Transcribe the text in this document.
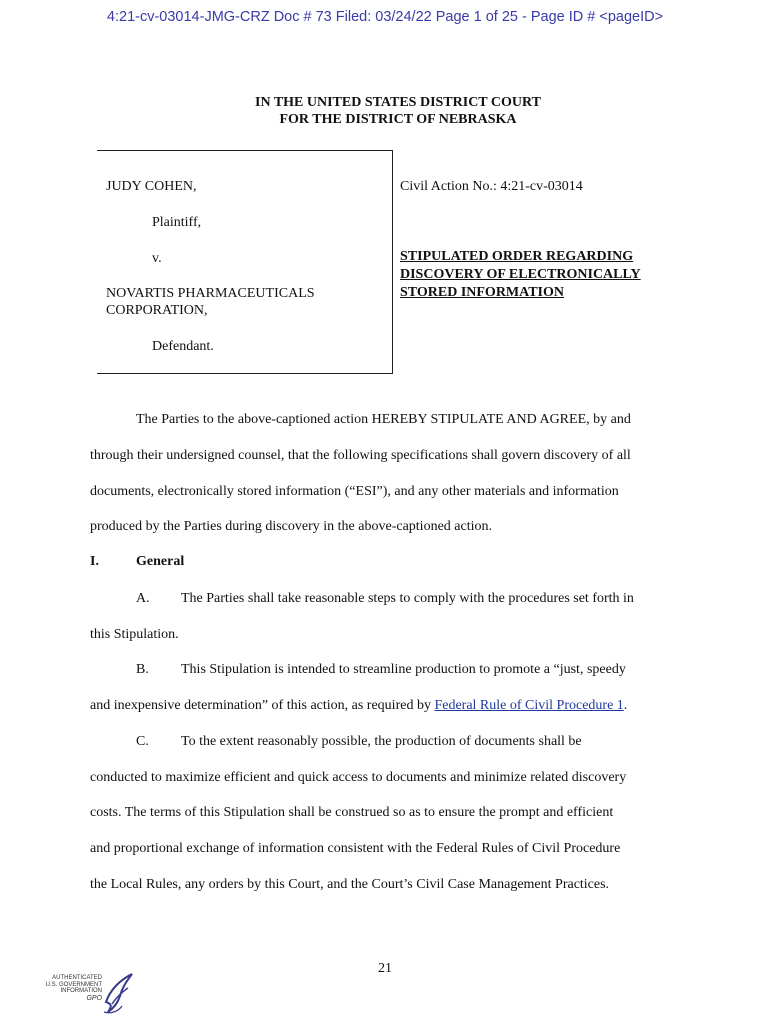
4:21-cv-03014-JMG-CRZ Doc # 73 Filed: 03/24/22 Page 1 of 25 - Page ID # <pageID>
IN THE UNITED STATES DISTRICT COURT
FOR THE DISTRICT OF NEBRASKA
JUDY COHEN,
Plaintiff,
v.
NOVARTIS PHARMACEUTICALS
CORPORATION,
Defendant.
Civil Action No.: 4:21-cv-03014
STIPULATED ORDER REGARDING
DISCOVERY OF ELECTRONICALLY
STORED INFORMATION
The Parties to the above-captioned action HEREBY STIPULATE AND AGREE, by and
through their undersigned counsel, that the following specifications shall govern discovery of all
documents, electronically stored information (“ESI”), and any other materials and information
produced by the Parties during discovery in the above-captioned action.
I.	General
A. The Parties shall take reasonable steps to comply with the procedures set forth in
this Stipulation.
B. This Stipulation is intended to streamline production to promote a “just, speedy
and inexpensive determination” of this action, as required by Federal Rule of Civil Procedure 1.
C. To the extent reasonably possible, the production of documents shall be
conducted to maximize efficient and quick access to documents and minimize related discovery
costs. The terms of this Stipulation shall be construed so as to ensure the prompt and efficient
and proportional exchange of information consistent with the Federal Rules of Civil Procedure
the Local Rules, any orders by this Court, and the Court’s Civil Case Management Practices.
21
AUTHENTICATED
U.S. GOVERNMENT
INFORMATION
GPO
